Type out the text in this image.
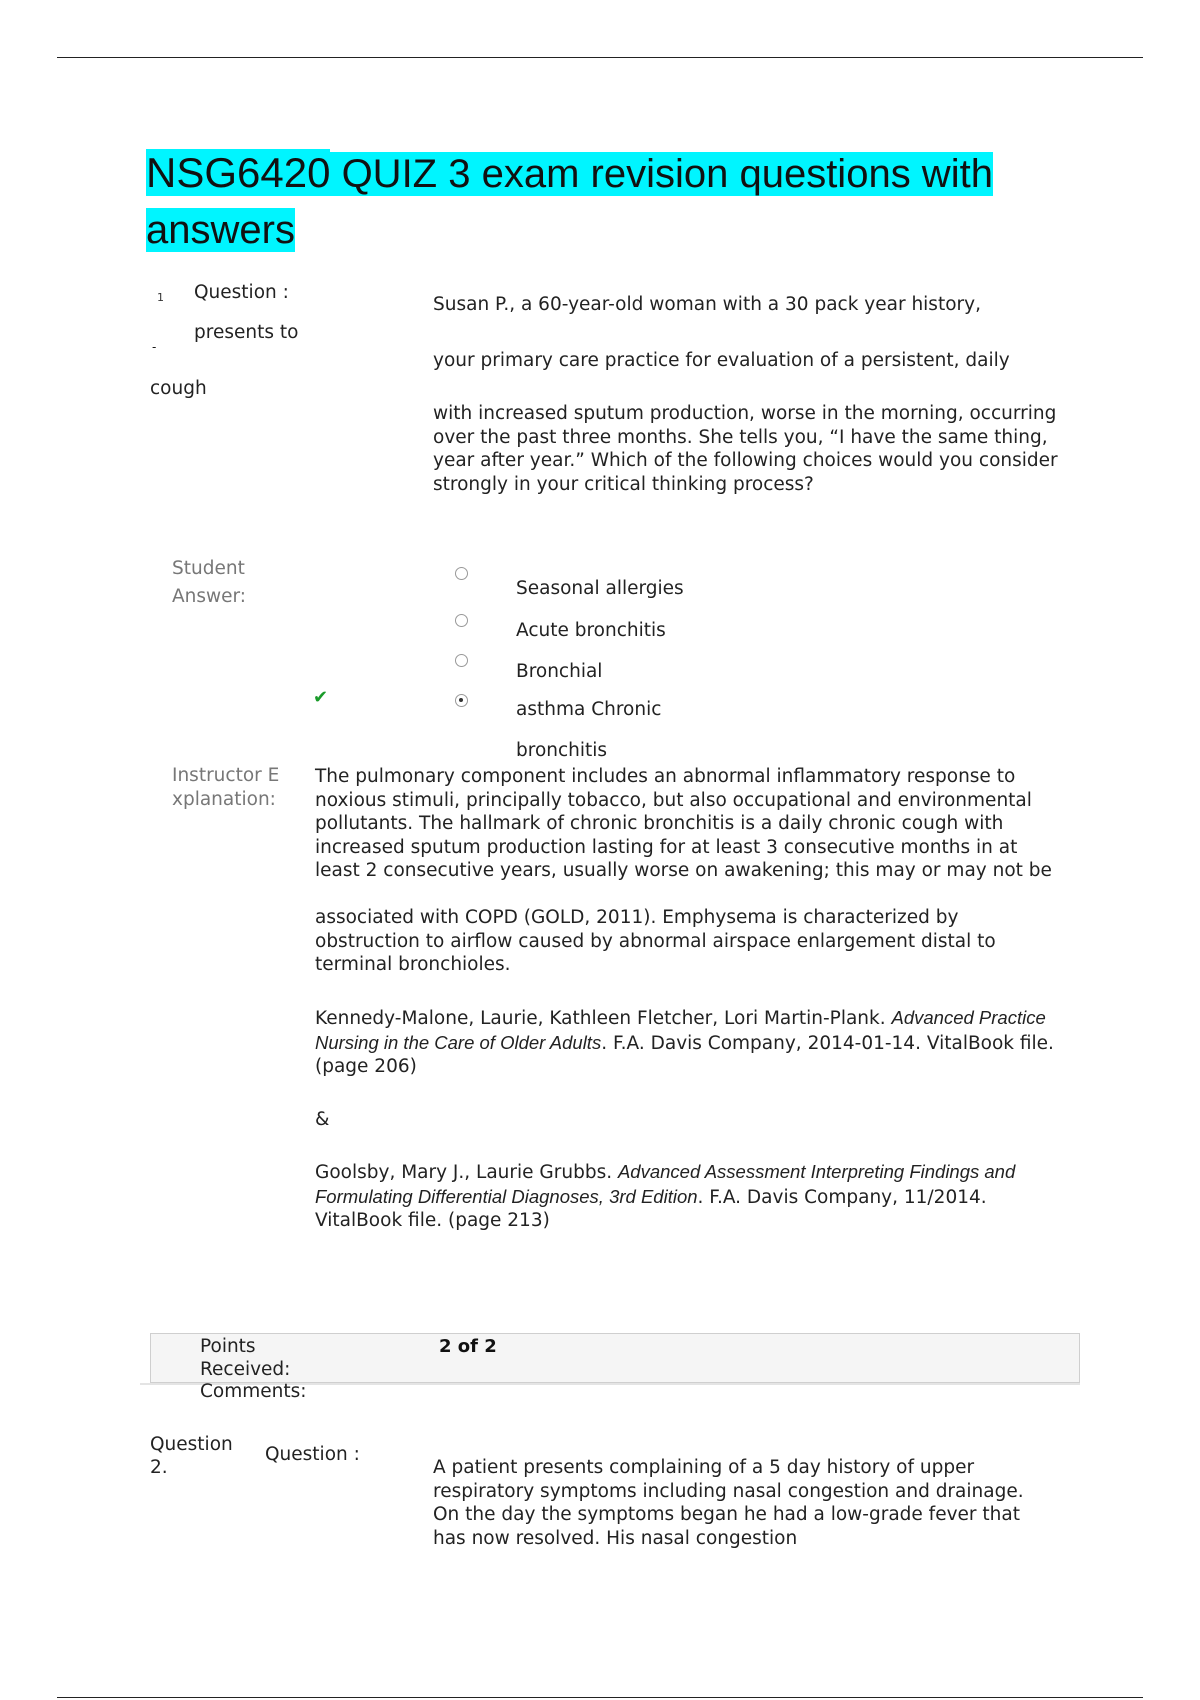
NSG6420 QUIZ 3 exam revision questions with answers
1 Question :
presents to
-
cough
Susan P., a 60-year-old woman with a 30 pack year history,
your primary care practice for evaluation of a persistent, daily
with increased sputum production, worse in the morning, occurring over the past three months. She tells you, “I have the same thing, year after year.” Which of the following choices would you consider strongly in your critical thinking process?
Student Answer:	Seasonal allergies
Acute bronchitis
Bronchial
✔
asthma Chronic
bronchitis
Instructor Explanation:
The pulmonary component includes an abnormal inflammatory response to noxious stimuli, principally tobacco, but also occupational and environmental pollutants. The hallmark of chronic bronchitis is a daily chronic cough with increased sputum production lasting for at least 3 consecutive months in at least 2 consecutive years, usually worse on awakening; this may or may not be
associated with COPD (GOLD, 2011). Emphysema is characterized by obstruction to airflow caused by abnormal airspace enlargement distal to terminal bronchioles.
Kennedy-Malone, Laurie, Kathleen Fletcher, Lori Martin-Plank. Advanced Practice Nursing in the Care of Older Adults. F.A. Davis Company, 2014-01-14. VitalBook file. (page 206)
&
Goolsby, Mary J., Laurie Grubbs. Advanced Assessment Interpreting Findings and Formulating Differential Diagnoses, 3rd Edition. F.A. Davis Company, 11/2014. VitalBook file. (page 213)
Points Received:
2 of 2
Comments:
Question 2.
Question :
A patient presents complaining of a 5 day history of upper respiratory symptoms including nasal congestion and drainage. On the day the symptoms began he had a low-grade fever that has now resolved. His nasal congestion
